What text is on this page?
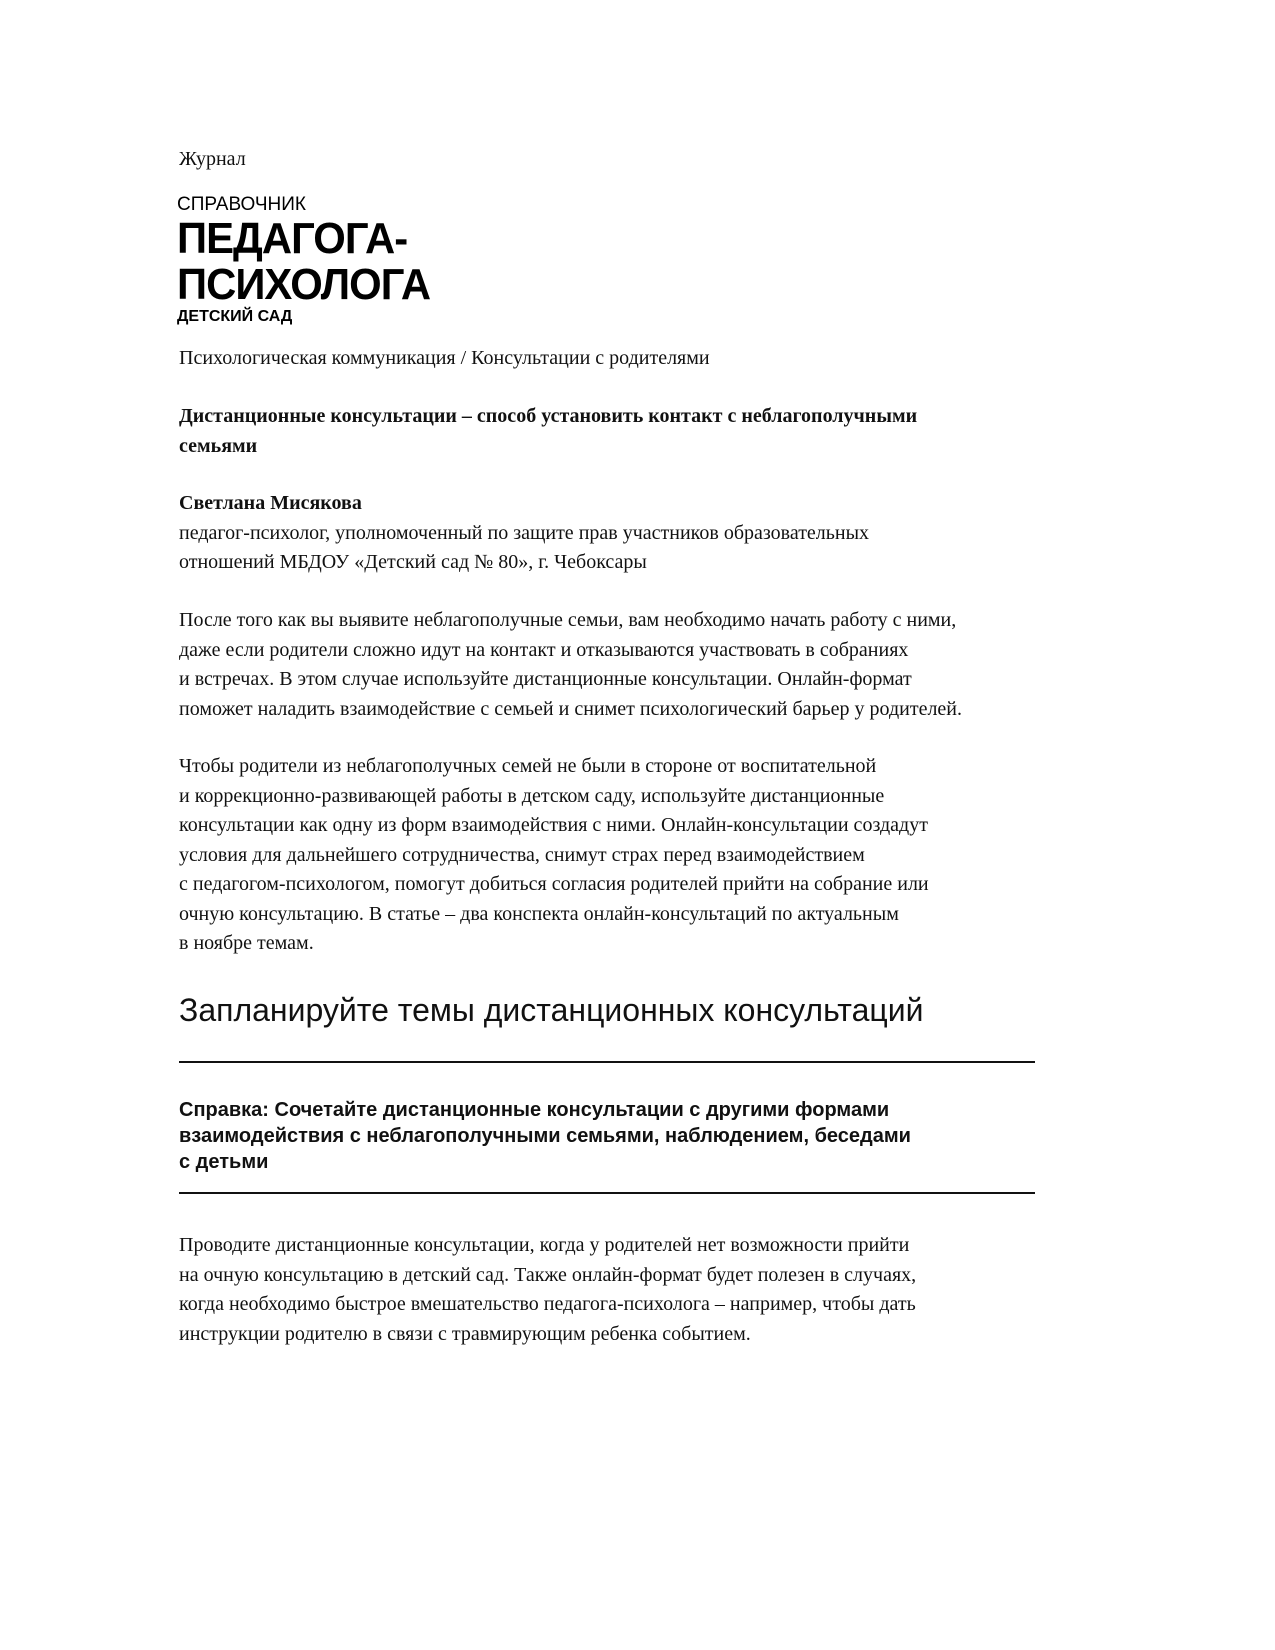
Журнал
СПРАВОЧНИК
ПЕДАГОГА-
ПСИХОЛОГА
ДЕТСКИЙ САД
Психологическая коммуникация / Консультации с родителями
Дистанционные консультации – способ установить контакт с неблагополучными
семьями
Светлана Мисякова
педагог-психолог, уполномоченный по защите прав участников образовательных
отношений МБДОУ «Детский сад № 80», г. Чебоксары
После того как вы выявите неблагополучные семьи, вам необходимо начать работу с ними,
даже если родители сложно идут на контакт и отказываются участвовать в собраниях
и встречах. В этом случае используйте дистанционные консультации. Онлайн-формат
поможет наладить взаимодействие с семьей и снимет психологический барьер у родителей.
Чтобы родители из неблагополучных семей не были в стороне от воспитательной
и коррекционно-развивающей работы в детском саду, используйте дистанционные
консультации как одну из форм взаимодействия с ними. Онлайн-консультации создадут
условия для дальнейшего сотрудничества, снимут страх перед взаимодействием
с педагогом-психологом, помогут добиться согласия родителей прийти на собрание или
очную консультацию. В статье – два конспекта онлайн-консультаций по актуальным
в ноябре темам.
Запланируйте темы дистанционных консультаций
Справка: Сочетайте дистанционные консультации с другими формами
взаимодействия с неблагополучными семьями, наблюдением, беседами
с детьми
Проводите дистанционные консультации, когда у родителей нет возможности прийти
на очную консультацию в детский сад. Также онлайн-формат будет полезен в случаях,
когда необходимо быстрое вмешательство педагога-психолога – например, чтобы дать
инструкции родителю в связи с травмирующим ребенка событием.
